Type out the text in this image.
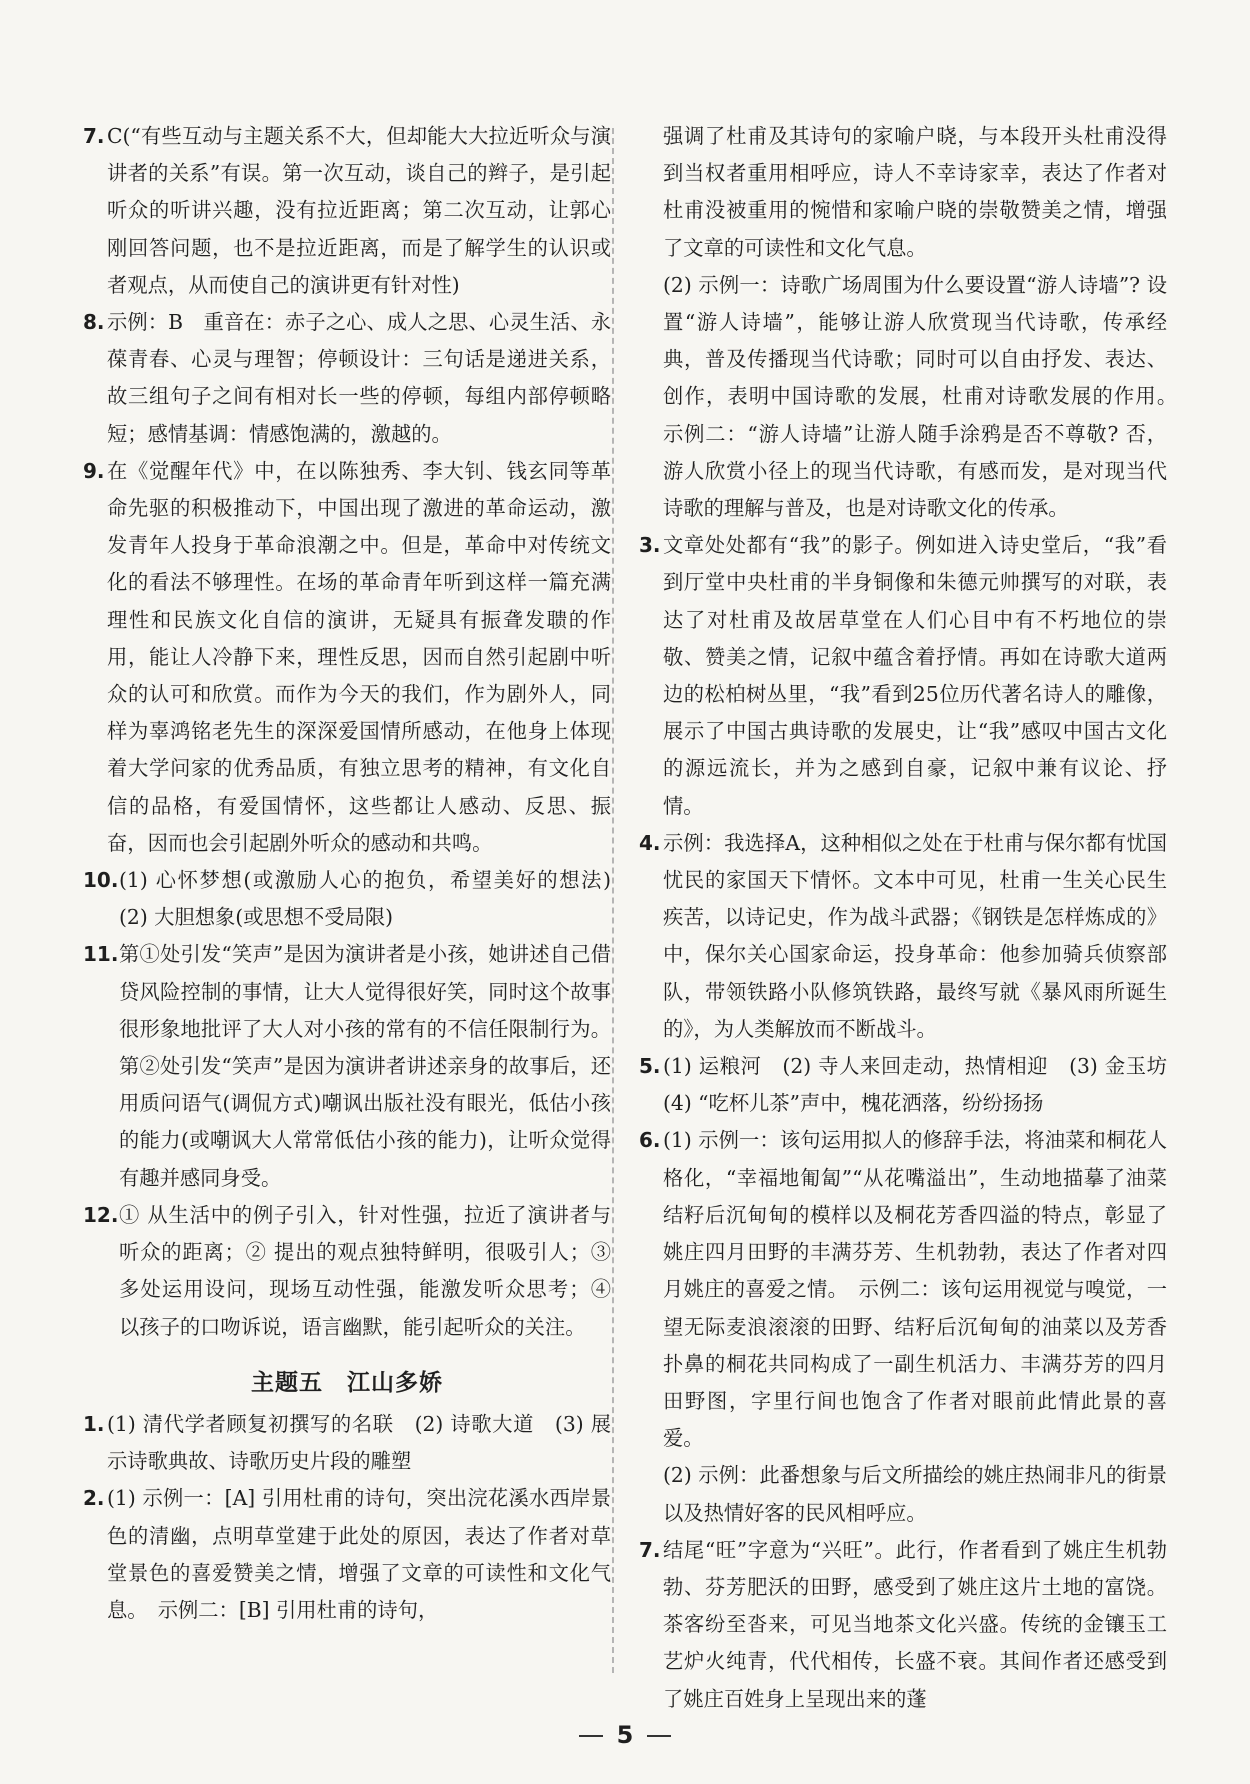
7. C(“有些互动与主题关系不大，但却能大大拉近听众与演讲者的关系”有误。第一次互动，谈自己的辫子，是引起听众的听讲兴趣，没有拉近距离；第二次互动，让郭心刚回答问题，也不是拉近距离，而是了解学生的认识或者观点，从而使自己的演讲更有针对性)

8. 示例：B　重音在：赤子之心、成人之思、心灵生活、永葆青春、心灵与理智；停顿设计：三句话是递进关系，故三组句子之间有相对长一些的停顿，每组内部停顿略短；感情基调：情感饱满的，激越的。

9. 在《觉醒年代》中，在以陈独秀、李大钊、钱玄同等革命先驱的积极推动下，中国出现了激进的革命运动，激发青年人投身于革命浪潮之中。但是，革命中对传统文化的看法不够理性。在场的革命青年听到这样一篇充满理性和民族文化自信的演讲，无疑具有振聋发聩的作用，能让人冷静下来，理性反思，因而自然引起剧中听众的认可和欣赏。而作为今天的我们，作为剧外人，同样为辜鸿铭老先生的深深爱国情所感动，在他身上体现着大学问家的优秀品质，有独立思考的精神，有文化自信的品格，有爱国情怀，这些都让人感动、反思、振奋，因而也会引起剧外听众的感动和共鸣。

10. (1) 心怀梦想(或激励人心的抱负，希望美好的想法)　(2) 大胆想象(或思想不受局限)

11. 第①处引发“笑声”是因为演讲者是小孩，她讲述自己借贷风险控制的事情，让大人觉得很好笑，同时这个故事很形象地批评了大人对小孩的常有的不信任限制行为。第②处引发“笑声”是因为演讲者讲述亲身的故事后，还用质问语气(调侃方式)嘲讽出版社没有眼光，低估小孩的能力(或嘲讽大人常常低估小孩的能力)，让听众觉得有趣并感同身受。

12. ① 从生活中的例子引入，针对性强，拉近了演讲者与听众的距离；② 提出的观点独特鲜明，很吸引人；③ 多处运用设问，现场互动性强，能激发听众思考；④ 以孩子的口吻诉说，语言幽默，能引起听众的关注。

主题五　江山多娇
1. (1) 清代学者顾复初撰写的名联　(2) 诗歌大道　(3) 展示诗歌典故、诗歌历史片段的雕塑

2. (1) 示例一：[A] 引用杜甫的诗句，突出浣花溪水西岸景色的清幽，点明草堂建于此处的原因，表达了作者对草堂景色的喜爱赞美之情，增强了文章的可读性和文化气息。　示例二：[B] 引用杜甫的诗句，

强调了杜甫及其诗句的家喻户晓，与本段开头杜甫没得到当权者重用相呼应，诗人不幸诗家幸，表达了作者对杜甫没被重用的惋惜和家喻户晓的崇敬赞美之情，增强了文章的可读性和文化气息。

(2) 示例一：诗歌广场周围为什么要设置“游人诗墙”? 设置“游人诗墙”，能够让游人欣赏现当代诗歌，传承经典，普及传播现当代诗歌；同时可以自由抒发、表达、创作，表明中国诗歌的发展，杜甫对诗歌发展的作用。　示例二：“游人诗墙”让游人随手涂鸦是否不尊敬? 否，游人欣赏小径上的现当代诗歌，有感而发，是对现当代诗歌的理解与普及，也是对诗歌文化的传承。

3. 文章处处都有“我”的影子。例如进入诗史堂后，“我”看到厅堂中央杜甫的半身铜像和朱德元帅撰写的对联，表达了对杜甫及故居草堂在人们心目中有不朽地位的崇敬、赞美之情，记叙中蕴含着抒情。再如在诗歌大道两边的松柏树丛里，“我”看到25位历代著名诗人的雕像，展示了中国古典诗歌的发展史，让“我”感叹中国古文化的源远流长，并为之感到自豪，记叙中兼有议论、抒情。

4. 示例：我选择A，这种相似之处在于杜甫与保尔都有忧国忧民的家国天下情怀。文本中可见，杜甫一生关心民生疾苦，以诗记史，作为战斗武器；《钢铁是怎样炼成的》中，保尔关心国家命运，投身革命：他参加骑兵侦察部队，带领铁路小队修筑铁路，最终写就《暴风雨所诞生的》，为人类解放而不断战斗。

5. (1) 运粮河　(2) 寺人来回走动，热情相迎　(3) 金玉坊　(4) “吃杯儿茶”声中，槐花洒落，纷纷扬扬

6. (1) 示例一：该句运用拟人的修辞手法，将油菜和桐花人格化，“幸福地匍匐”“从花嘴溢出”，生动地描摹了油菜结籽后沉甸甸的模样以及桐花芳香四溢的特点，彰显了姚庄四月田野的丰满芬芳、生机勃勃，表达了作者对四月姚庄的喜爱之情。　示例二：该句运用视觉与嗅觉，一望无际麦浪滚滚的田野、结籽后沉甸甸的油菜以及芳香扑鼻的桐花共同构成了一副生机活力、丰满芬芳的四月田野图，字里行间也饱含了作者对眼前此情此景的喜爱。

(2) 示例：此番想象与后文所描绘的姚庄热闹非凡的街景以及热情好客的民风相呼应。

7. 结尾“旺”字意为“兴旺”。此行，作者看到了姚庄生机勃勃、芬芳肥沃的田野，感受到了姚庄这片土地的富饶。茶客纷至沓来，可见当地茶文化兴盛。传统的金镶玉工艺炉火纯青，代代相传，长盛不衰。其间作者还感受到了姚庄百姓身上呈现出来的蓬

5
